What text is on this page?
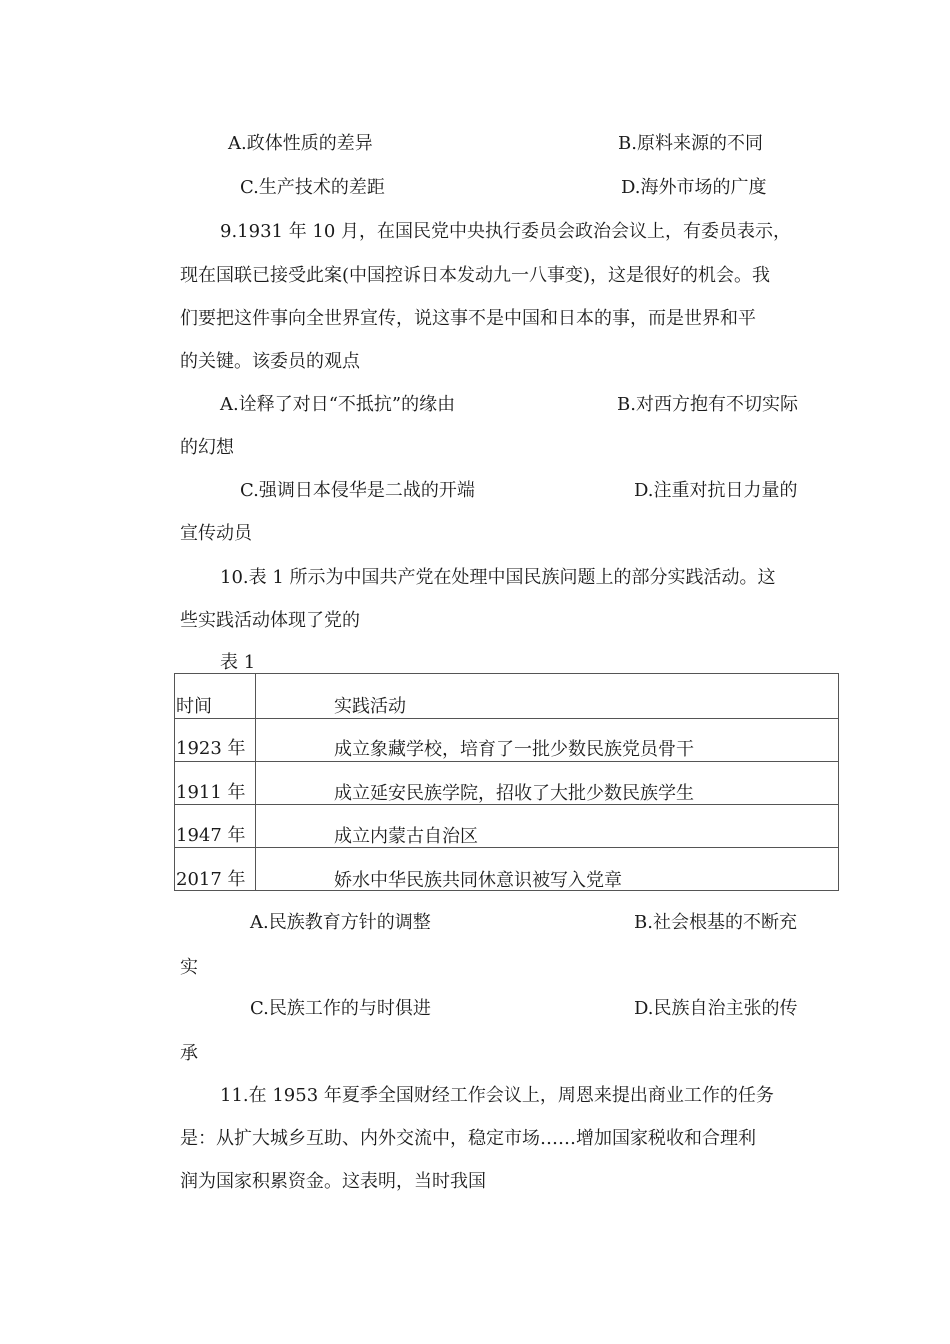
A.政体性质的差异	B.原料来源的不同
C.生产技术的差距	D.海外市场的广度
9.1931 年 10 月，在国民党中央执行委员会政治会议上，有委员表示，
现在国联已接受此案(中国控诉日本发动九一八事变)，这是很好的机会。我
们要把这件事向全世界宣传，说这事不是中国和日本的事，而是世界和平
的关键。该委员的观点
A.诠释了对日“不抵抗”的缘由	B.对西方抱有不切实际
的幻想
C.强调日本侵华是二战的开端	D.注重对抗日力量的
宣传动员
10.表 1 所示为中国共产党在处理中国民族问题上的部分实践活动。这
些实践活动体现了党的
表 1
时间	实践活动
1923 年	成立象藏学校，培育了一批少数民族党员骨干
1911 年	成立延安民族学院，招收了大批少数民族学生
1947 年	成立内蒙古自治区
2017 年	娇水中华民族共同休意识被写入党章
A.民族教育方针的调整	B.社会根基的不断充
实
C.民族工作的与时俱进	D.民族自治主张的传
承
11.在 1953 年夏季全国财经工作会议上，周恩来提出商业工作的任务
是：从扩大城乡互助、内外交流中，稳定市场……增加国家税收和合理利
润为国家积累资金。这表明，当时我国
